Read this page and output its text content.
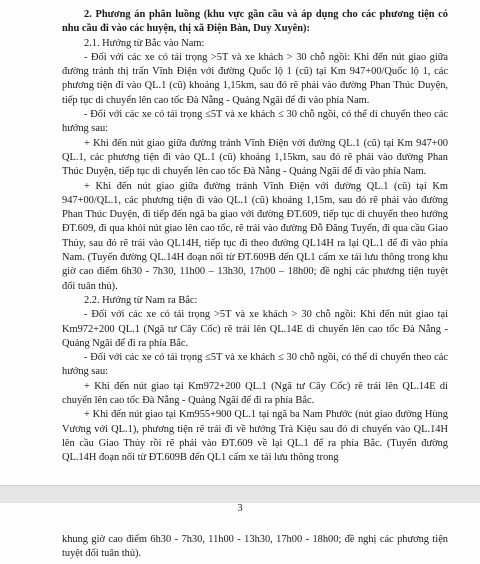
2. Phương án phân luồng (khu vực gần cầu và áp dụng cho các phương tiện có nhu cầu đi vào các huyện, thị xã Điện Bàn, Duy Xuyên):

2.1. Hướng từ Bắc vào Nam:

- Đối với các xe có tải trọng >5T và xe khách > 30 chỗ ngồi: Khi đến nút giao giữa đường tránh thị trấn Vĩnh Điện với đường Quốc lộ 1 (cũ) tại Km 947+00/Quốc lộ 1, các phương tiện đi vào QL.1 (cũ) khoảng 1,15km, sau đó rẽ phải vào đường Phan Thúc Duyện, tiếp tục di chuyển lên cao tốc Đà Nẵng - Quảng Ngãi để đi vào phía Nam.

- Đối với các xe có tải trọng ≤5T và xe khách ≤ 30 chỗ ngồi, có thể di chuyển theo các hướng sau:

+ Khi đến nút giao giữa đường tránh Vĩnh Điện với đường QL.1 (cũ) tại Km 947+00 QL.1, các phương tiện đi vào QL.1 (cũ) khoảng 1,15km, sau đó rẽ phải vào đường Phan Thúc Duyện, tiếp tục di chuyển lên cao tốc Đà Nẵng - Quảng Ngãi để đi vào phía Nam.

+ Khi đến nút giao giữa đường tránh Vĩnh Điện với đường QL.1 (cũ) tại Km 947+00/QL.1, các phương tiện đi vào QL.1 (cũ) khoảng 1,15m, sau đó rẽ phải vào đường Phan Thúc Duyện, đi tiếp đến ngã ba giao với đường ĐT.609, tiếp tục di chuyển theo hướng ĐT.609, đi qua khỏi nút giao lên cao tốc, rẽ trái vào đường Đỗ Đăng Tuyển, đi qua cầu Giao Thủy, sau đó rẽ trái vào QL14H, tiếp tục đi theo đường QL14H ra lại QL.1 để đi vào phía Nam. (Tuyến đường QL.14H đoạn nối từ ĐT.609B đến QL1 cấm xe tải lưu thông trong khu giờ cao điểm 6h30 - 7h30, 11h00 – 13h30, 17h00 – 18h00; đề nghị các phương tiện tuyệt đối tuân thủ).

2.2. Hướng từ Nam ra Bắc:

- Đối với các xe có tải trọng >5T và xe khách > 30 chỗ ngồi: Khi đến nút giao tại Km972+200 QL.1 (Ngã tư Cây Cốc) rẽ trái lên QL.14E di chuyển lên cao tốc Đà Nẵng - Quảng Ngãi để đi ra phía Bắc.

- Đối với các xe có tải trọng ≤5T và xe khách ≤ 30 chỗ ngồi, có thể di chuyển theo các hướng sau:

+ Khi đến nút giao tại Km972+200 QL.1 (Ngã tư Cây Cốc) rẽ trái lên QL.14E di chuyển lên cao tốc Đà Nẵng - Quảng Ngãi để đi ra phía Bắc.

+ Khi đến nút giao tại Km955+900 QL.1 tại ngã ba Nam Phước (nút giao đường Hùng Vương với QL.1), phương tiện rẽ trái đi về hướng Trà Kiệu sau đó di chuyển vào QL.14H lên cầu Giao Thủy rồi rẽ phải vào ĐT.609 về lại QL.1 để ra phía Bắc. (Tuyến đường QL.14H đoạn nối từ ĐT.609B đến QL1 cấm xe tải lưu thông trong

3

khung giờ cao điểm 6h30 - 7h30, 11h00 - 13h30, 17h00 - 18h00; đề nghị các phương tiện tuyệt đối tuân thủ).
